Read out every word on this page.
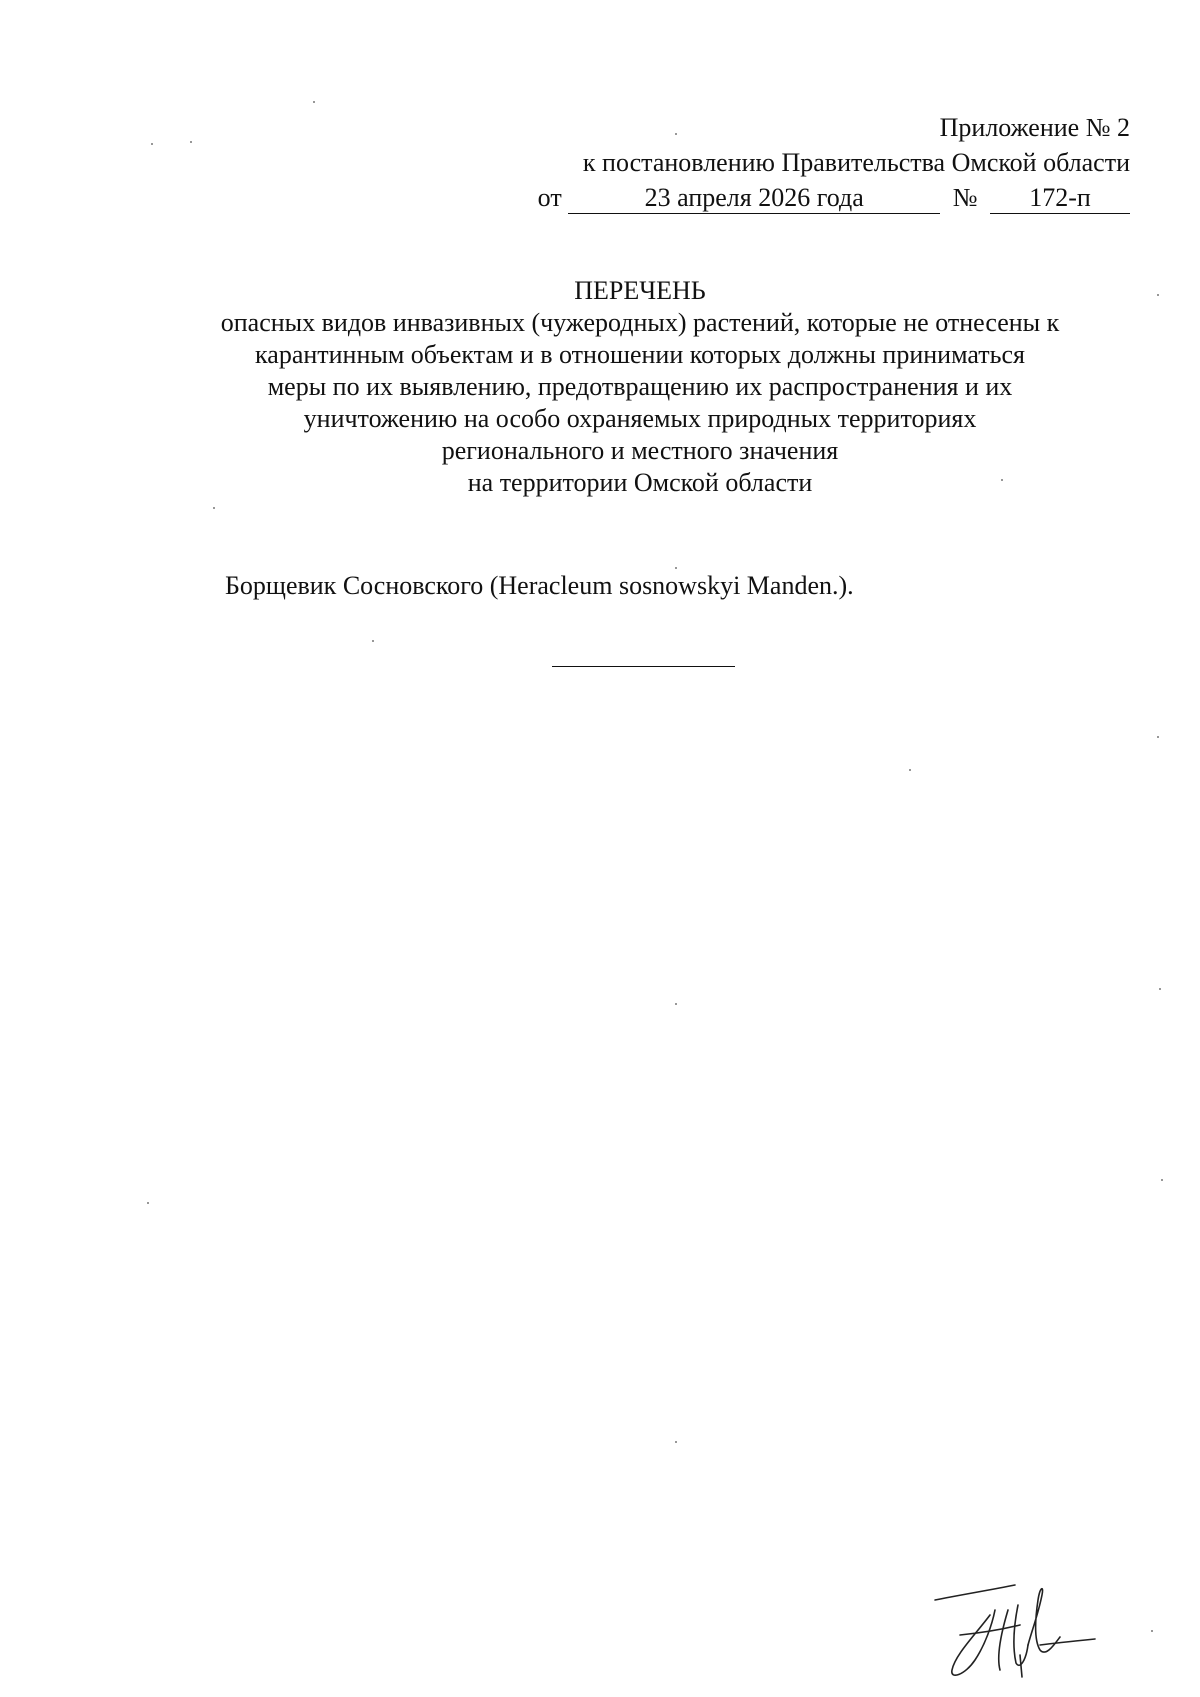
Приложение № 2
к постановлению Правительства Омской области
от	23 апреля 2026 года	№ 172-п
ПЕРЕЧЕНЬ
опасных видов инвазивных (чужеродных) растений, которые не отнесены к
карантинным объектам и в отношении которых должны приниматься
меры по их выявлению, предотвращению их распространения и их
уничтожению на особо охраняемых природных территориях
регионального и местного значения
на территории Омской области
Борщевик Сосновского (Heracleum sosnowskyi Manden.).
